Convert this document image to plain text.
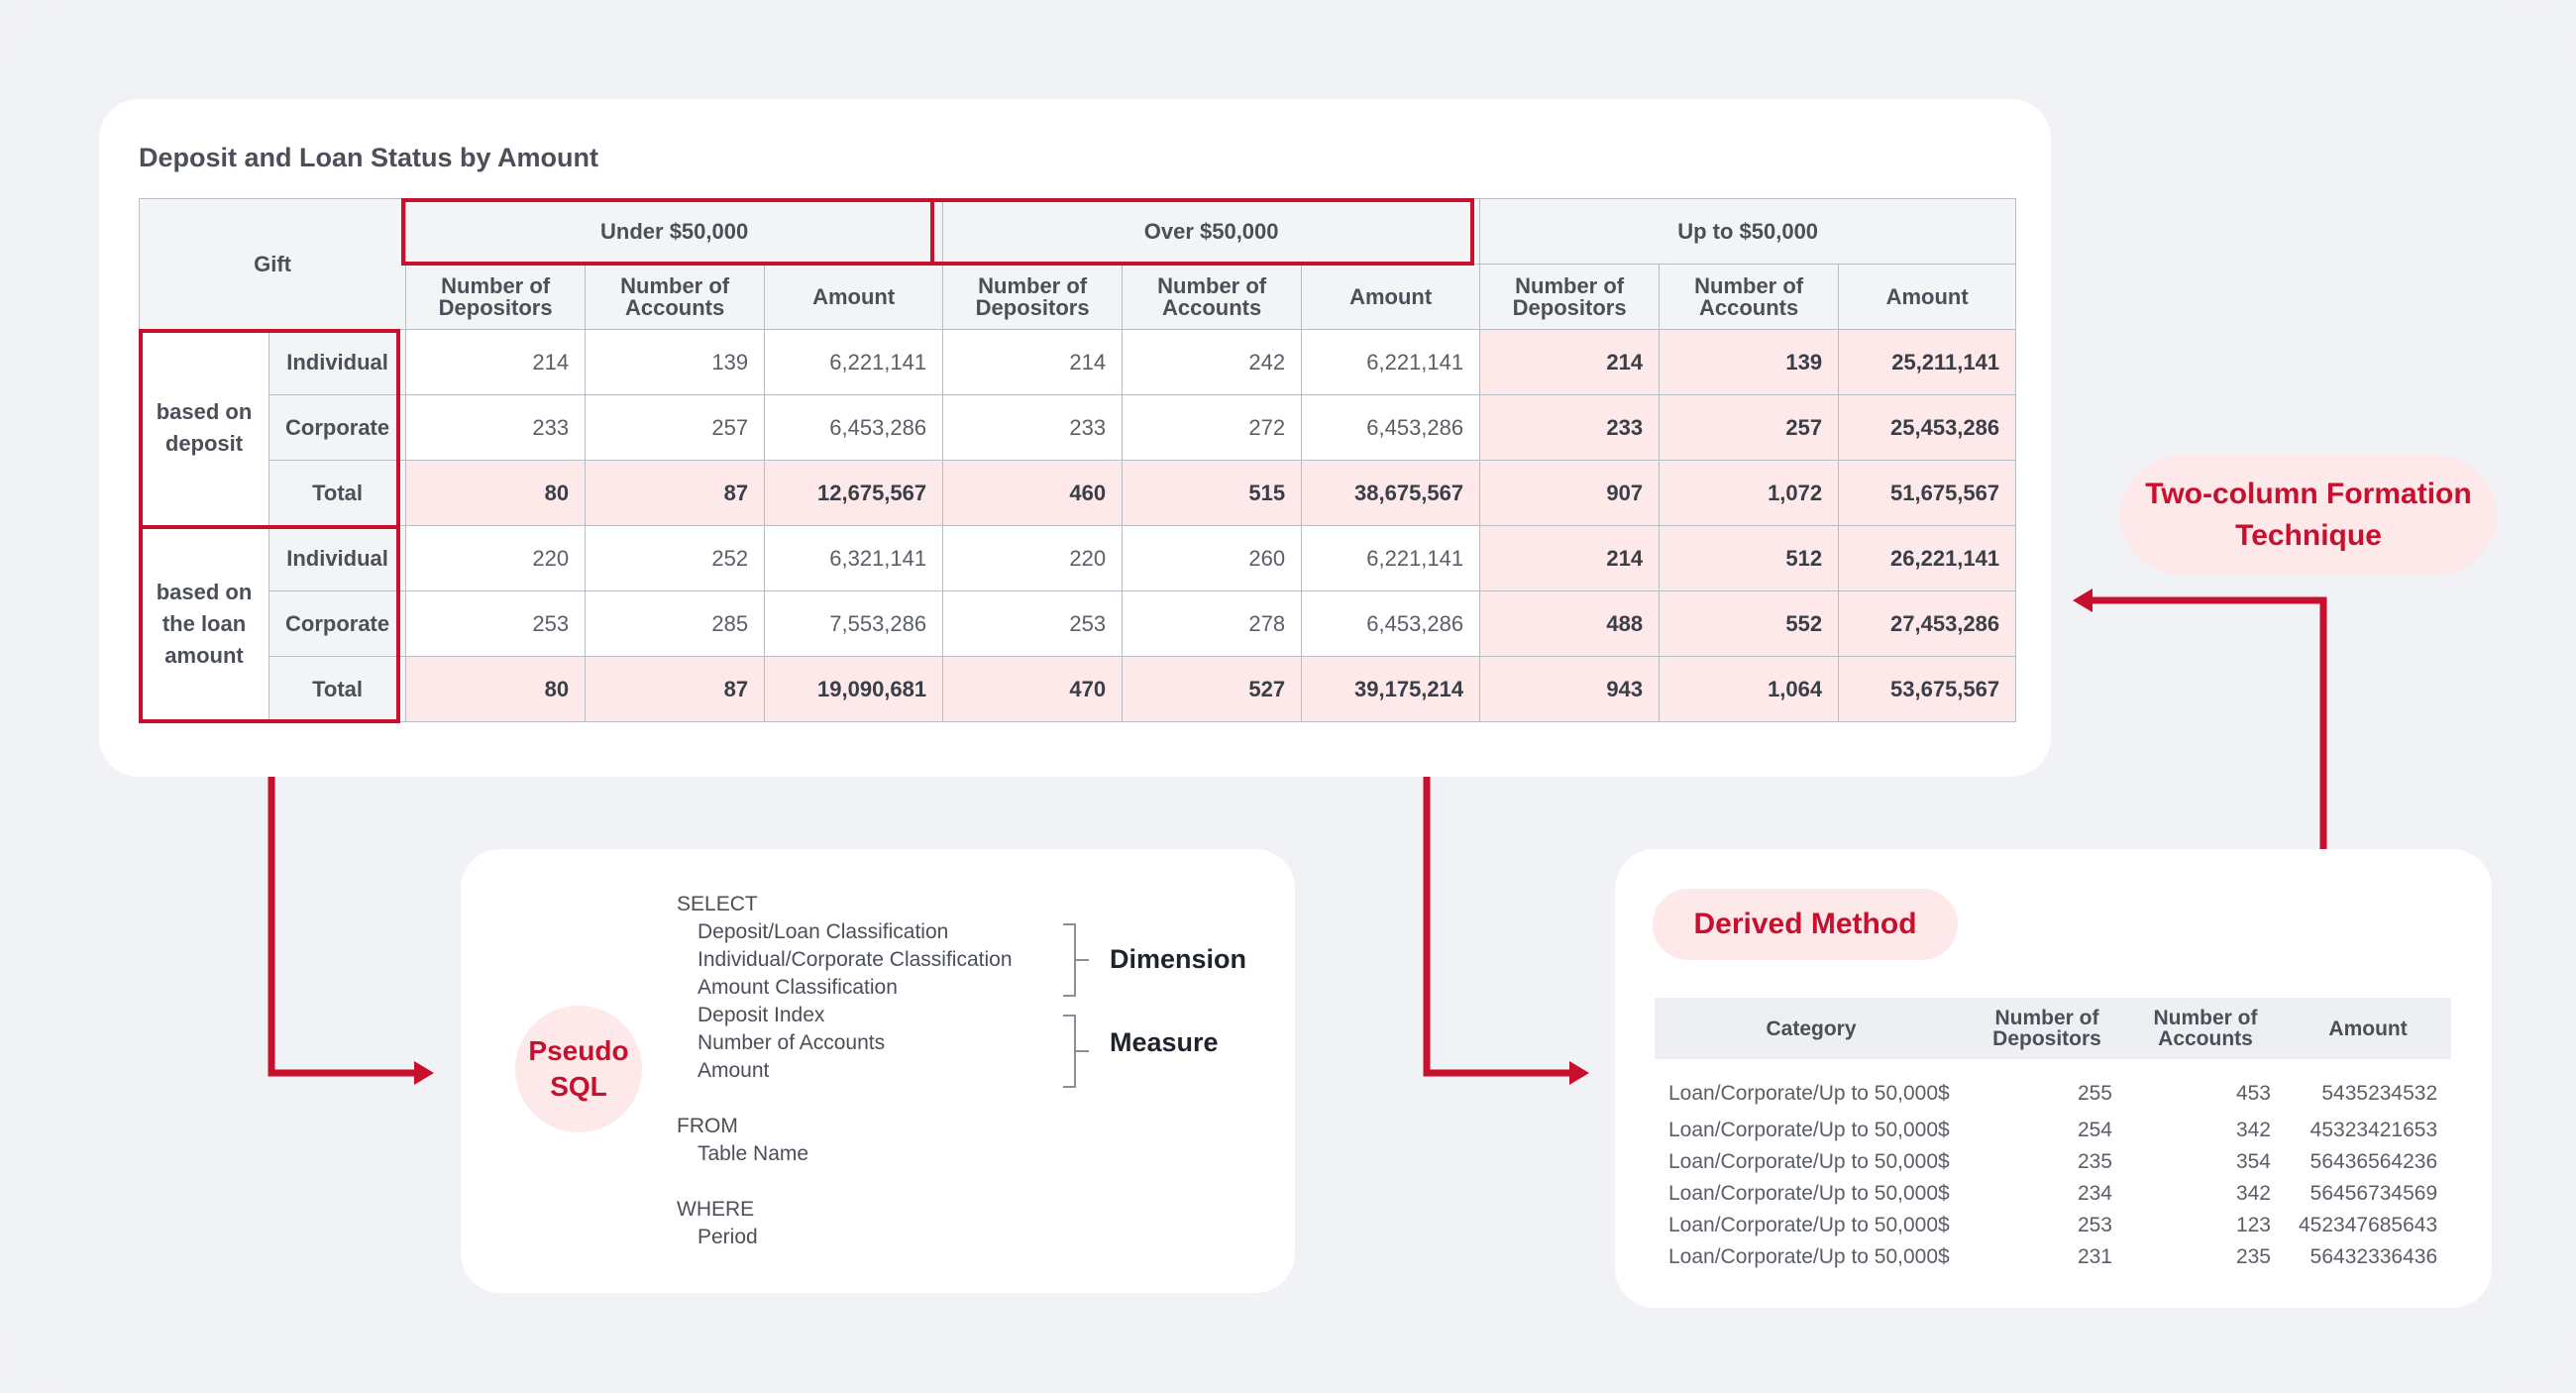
Deposit and Loan Status by Amount
Gift		Under $50,000			Over $50,000			Up to $50,000		
		Number of Depositors	Number of Accounts	Amount	Number of Depositors	Number of Accounts	Amount	Number of Depositors	Number of Accounts	Amount
based on deposit	Individual	214	139	6,221,141	214	242	6,221,141	214	139	25,211,141
	Corporate	233	257	6,453,286	233	272	6,453,286	233	257	25,453,286
	Total	80	87	12,675,567	460	515	38,675,567	907	1,072	51,675,567
based on the loan amount	Individual	220	252	6,321,141	220	260	6,221,141	214	512	26,221,141
	Corporate	253	285	7,553,286	253	278	6,453,286	488	552	27,453,286
	Total	80	87	19,090,681	470	527	39,175,214	943	1,064	53,675,567
Pseudo SQL
SELECT
Deposit/Loan Classification
Individual/Corporate Classification
Amount Classification
Deposit Index
Number of Accounts
Amount
FROM
Table Name
WHERE
Period
Dimension
Measure
Derived Method
Category	Number of Depositors	Number of Accounts	Amount
Loan/Corporate/Up to 50,000$	255	453	5435234532
Loan/Corporate/Up to 50,000$	254	342	45323421653
Loan/Corporate/Up to 50,000$	235	354	56436564236
Loan/Corporate/Up to 50,000$	234	342	56456734569
Loan/Corporate/Up to 50,000$	253	123	452347685643
Loan/Corporate/Up to 50,000$	231	235	56432336436
Two-column Formation Technique
